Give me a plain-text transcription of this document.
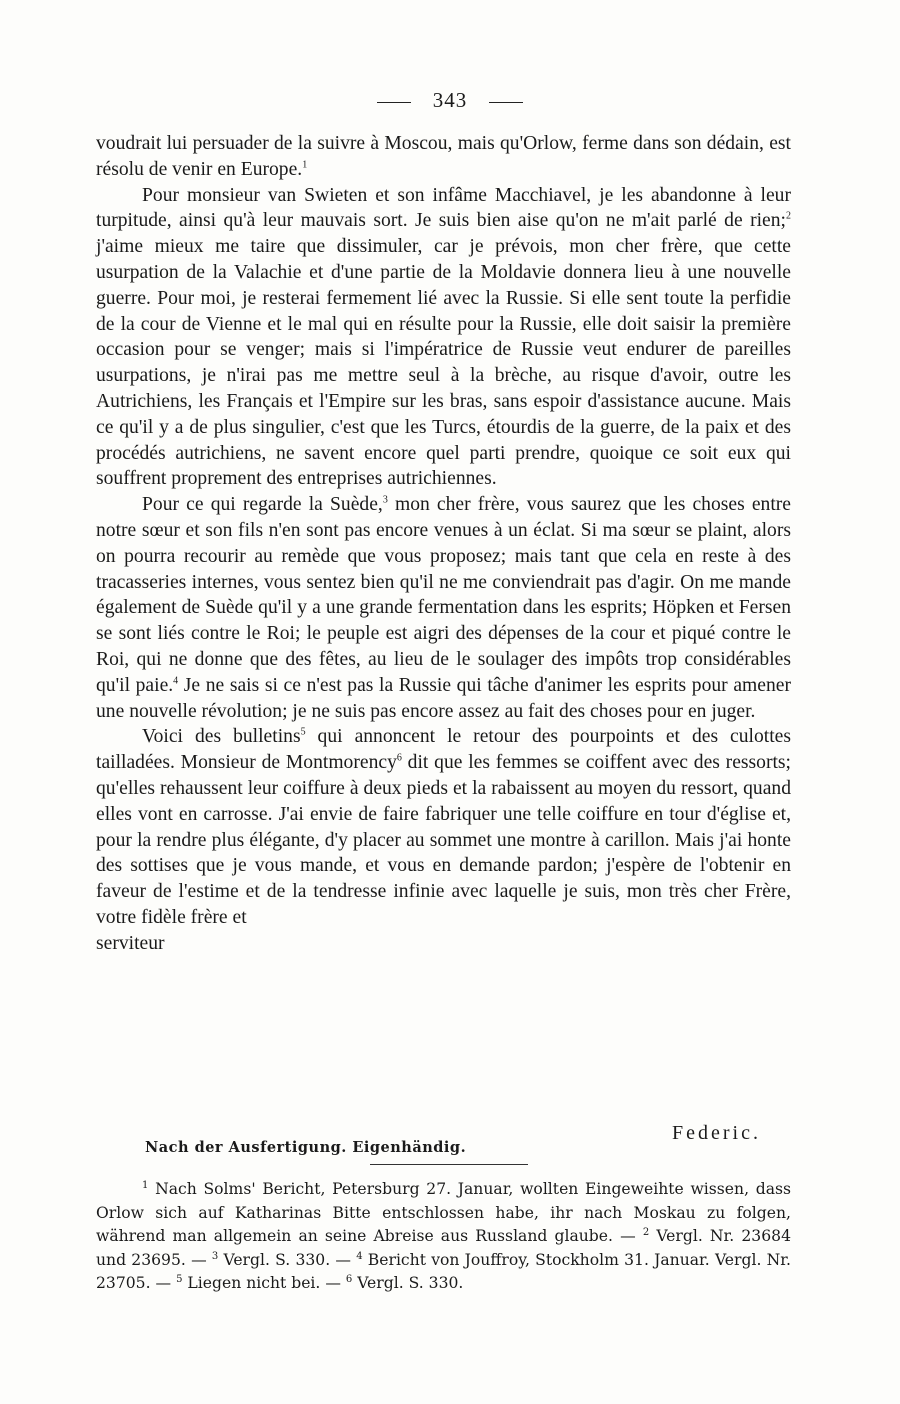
343

voudrait lui persuader de la suivre à Moscou, mais qu'Orlow, ferme dans son dédain, est résolu de venir en Europe.$^1$

Pour monsieur van Swieten et son infâme Macchiavel, je les abandonne à leur turpitude, ainsi qu'à leur mauvais sort. Je suis bien aise qu'on ne m'ait parlé de rien;$^2$ j'aime mieux me taire que dissimuler, car je prévois, mon cher frère, que cette usurpation de la Valachie et d'une partie de la Moldavie donnera lieu à une nouvelle guerre. Pour moi, je resterai fermement lié avec la Russie. Si elle sent toute la perfidie de la cour de Vienne et le mal qui en résulte pour la Russie, elle doit saisir la première occasion pour se venger; mais si l'impératrice de Russie veut endurer de pareilles usurpations, je n'irai pas me mettre seul à la brèche, au risque d'avoir, outre les Autrichiens, les Français et l'Empire sur les bras, sans espoir d'assistance aucune. Mais ce qu'il y a de plus singulier, c'est que les Turcs, étourdis de la guerre, de la paix et des procédés autrichiens, ne savent encore quel parti prendre, quoique ce soit eux qui souffrent proprement des entreprises autrichiennes.

Pour ce qui regarde la Suède,$^3$ mon cher frère, vous saurez que les choses entre notre sœur et son fils n'en sont pas encore venues à un éclat. Si ma sœur se plaint, alors on pourra recourir au remède que vous proposez; mais tant que cela en reste à des tracasseries internes, vous sentez bien qu'il ne me conviendrait pas d'agir. On me mande également de Suède qu'il y a une grande fermentation dans les esprits; Höpken et Fersen se sont liés contre le Roi; le peuple est aigri des dépenses de la cour et piqué contre le Roi, qui ne donne que des fêtes, au lieu de le soulager des impôts trop considérables qu'il paie.$^4$ Je ne sais si ce n'est pas la Russie qui tâche d'animer les esprits pour amener une nouvelle révolution; je ne suis pas encore assez au fait des choses pour en juger.

Voici des bulletins$^5$ qui annoncent le retour des pourpoints et des culottes tailladées. Monsieur de Montmorency$^6$ dit que les femmes se coiffent avec des ressorts; qu'elles rehaussent leur coiffure à deux pieds et la rabaissent au moyen du ressort, quand elles vont en carrosse. J'ai envie de faire fabriquer une telle coiffure en tour d'église et, pour la rendre plus élégante, d'y placer au sommet une montre à carillon. Mais j'ai honte des sottises que je vous mande, et vous en demande pardon; j'espère de l'obtenir en faveur de l'estime et de la tendresse infinie avec laquelle je suis, mon très cher Frère, votre fidèle frère et

serviteur
Federic.
Nach der Ausfertigung. Eigenhändig.

$^1$ Nach Solms' Bericht, Petersburg 27. Januar, wollten Eingeweihte wissen, dass Orlow sich auf Katharinas Bitte entschlossen habe, ihr nach Moskau zu folgen, während man allgemein an seine Abreise aus Russland glaube. — $^2$ Vergl. Nr. 23684 und 23695. — $^3$ Vergl. S. 330. — $^4$ Bericht von Jouffroy, Stockholm 31. Januar. Vergl. Nr. 23705. — $^5$ Liegen nicht bei. — $^6$ Vergl. S. 330.
